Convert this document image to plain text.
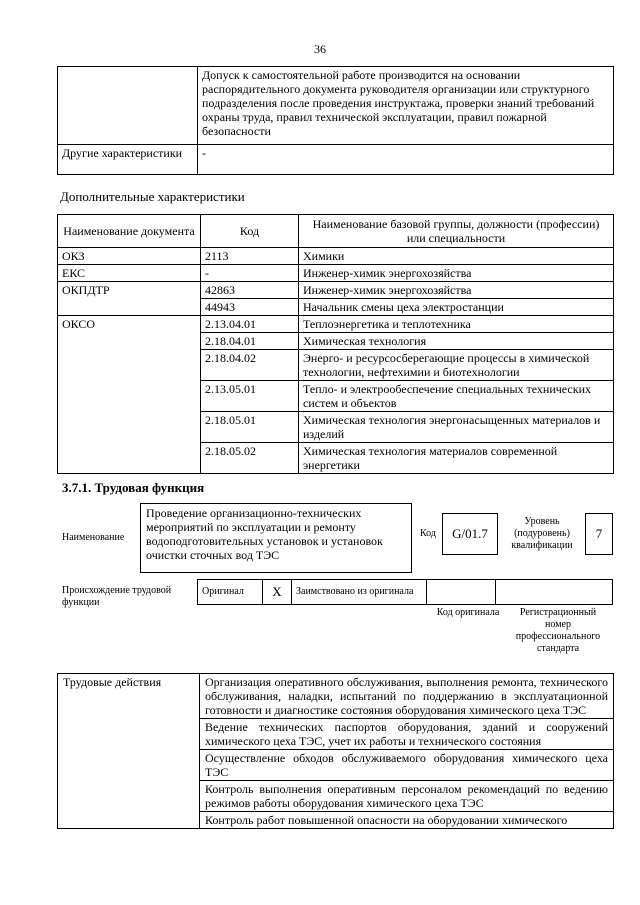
36
	Допуск к самостоятельной работе производится на основании распорядительного документа руководителя организации или структурного подразделения после проведения инструктажа, проверки знаний требований охраны труда, правил технической эксплуатации, правил пожарной безопасности
Другие характеристики	-
Дополнительные характеристики
Наименование документа	Код	Наименование базовой группы, должности (профессии) или специальности
ОКЗ	2113	Химики
ЕКС	-	Инженер-химик энергохозяйства
ОКПДТР	42863	Инженер-химик энергохозяйства
	44943	Начальник смены цеха электростанции
ОКСО	2.13.04.01	Теплоэнергетика и теплотехника
	2.18.04.01	Химическая технология
	2.18.04.02	Энерго- и ресурсосберегающие процессы в химической технологии, нефтехимии и биотехнологии
	2.13.05.01	Тепло- и электрообеспечение специальных технических систем и объектов
	2.18.05.01	Химическая технология энергонасыщенных материалов и изделий
	2.18.05.02	Химическая технология материалов современной энергетики
3.7.1. Трудовая функция
Наименование
Проведение организационно-технических мероприятий по эксплуатации и ремонту водоподготовительных установок и установок очистки сточных вод ТЭС
Код	G/01.7
Уровень (подуровень) квалификации
7
Происхождение трудовой функции
Оригинал	X	Заимствовано из оригинала		
Код оригинала	Регистрационный номер профессионального стандарта
Трудовые действия	Организация оперативного обслуживания, выполнения ремонта, технического обслуживания, наладки, испытаний по поддержанию в эксплуатационной готовности и диагностике состояния оборудования химического цеха ТЭС
Ведение технических паспортов оборудования, зданий и сооружений химического цеха ТЭС, учет их работы и технического состояния
Осуществление обходов обслуживаемого оборудования химического цеха ТЭС
Контроль выполнения оперативным персоналом рекомендаций по ведению режимов работы оборудования химического цеха ТЭС
Контроль работ повышенной опасности на оборудовании химического
